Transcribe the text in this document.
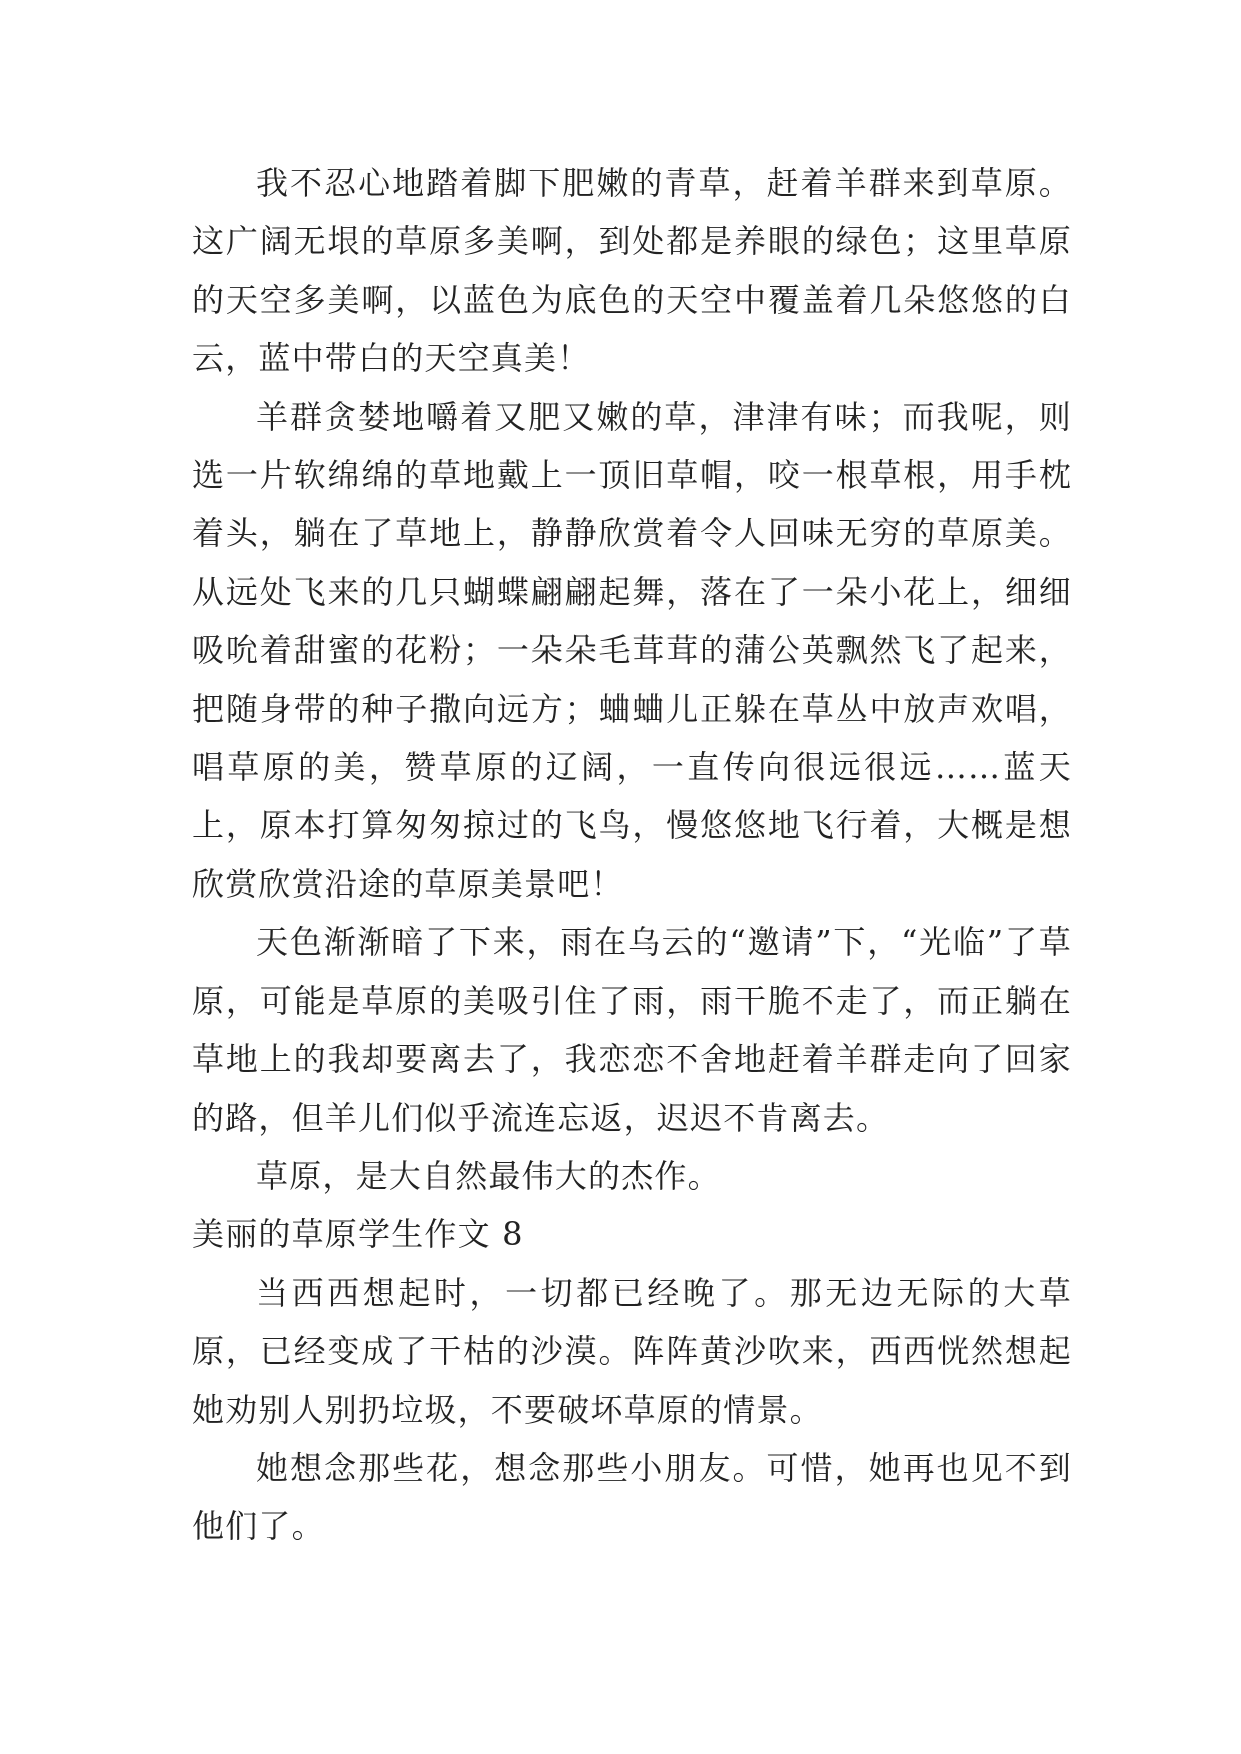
我不忍心地踏着脚下肥嫩的青草，赶着羊群来到草原。这广阔无垠的草原多美啊，到处都是养眼的绿色；这里草原的天空多美啊，以蓝色为底色的天空中覆盖着几朵悠悠的白云，蓝中带白的天空真美！

羊群贪婪地嚼着又肥又嫩的草，津津有味；而我呢，则选一片软绵绵的草地戴上一顶旧草帽，咬一根草根，用手枕着头，躺在了草地上，静静欣赏着令人回味无穷的草原美。从远处飞来的几只蝴蝶翩翩起舞，落在了一朵小花上，细细吸吮着甜蜜的花粉；一朵朵毛茸茸的蒲公英飘然飞了起来，把随身带的种子撒向远方；蛐蛐儿正躲在草丛中放声欢唱，唱草原的美，赞草原的辽阔，一直传向很远很远……蓝天上，原本打算匆匆掠过的飞鸟，慢悠悠地飞行着，大概是想欣赏欣赏沿途的草原美景吧！

天色渐渐暗了下来，雨在乌云的“邀请”下，“光临”了草原，可能是草原的美吸引住了雨，雨干脆不走了，而正躺在草地上的我却要离去了，我恋恋不舍地赶着羊群走向了回家的路，但羊儿们似乎流连忘返，迟迟不肯离去。

草原，是大自然最伟大的杰作。

美丽的草原学生作文 8

当西西想起时，一切都已经晚了。那无边无际的大草原，已经变成了干枯的沙漠。阵阵黄沙吹来，西西恍然想起她劝别人别扔垃圾，不要破坏草原的情景。

她想念那些花，想念那些小朋友。可惜，她再也见不到他们了。
